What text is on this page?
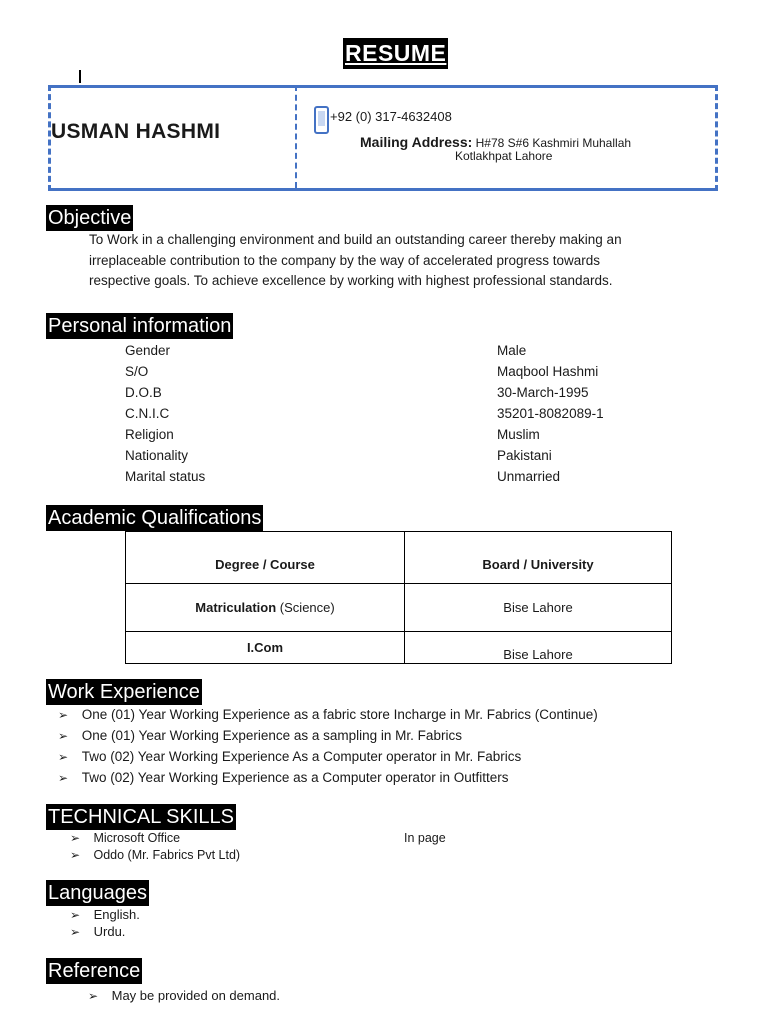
RESUME
USMAN HASHMI
+92 (0) 317-4632408
Mailing Address: H#78 S#6 Kashmiri Muhallah
Kotlakhpat Lahore
Objective
To Work in a challenging environment and build an outstanding career thereby making an
irreplaceable contribution to the company by the way of accelerated progress towards
respective goals. To achieve excellence by working with highest professional standards.
Personal information
Gender	Male
S/O	Maqbool Hashmi
D.O.B	30-March-1995
C.N.I.C	35201-8082089-1
Religion	Muslim
Nationality	Pakistani
Marital status	Unmarried
Academic Qualifications
Degree / Course	Board / University
Matriculation (Science)	Bise Lahore
I.Com	Bise Lahore
Work Experience
➢ One (01) Year Working Experience as a fabric store Incharge in Mr. Fabrics (Continue)
➢ One (01) Year Working Experience as a sampling in Mr. Fabrics
➢ Two (02) Year Working Experience As a Computer operator in Mr. Fabrics
➢ Two (02) Year Working Experience as a Computer operator in Outfitters
TECHNICAL SKILLS
➢ Microsoft Office
➢ Oddo (Mr. Fabrics Pvt Ltd)
In page
Languages
➢ English.
➢ Urdu.
Reference
➢ May be provided on demand.
